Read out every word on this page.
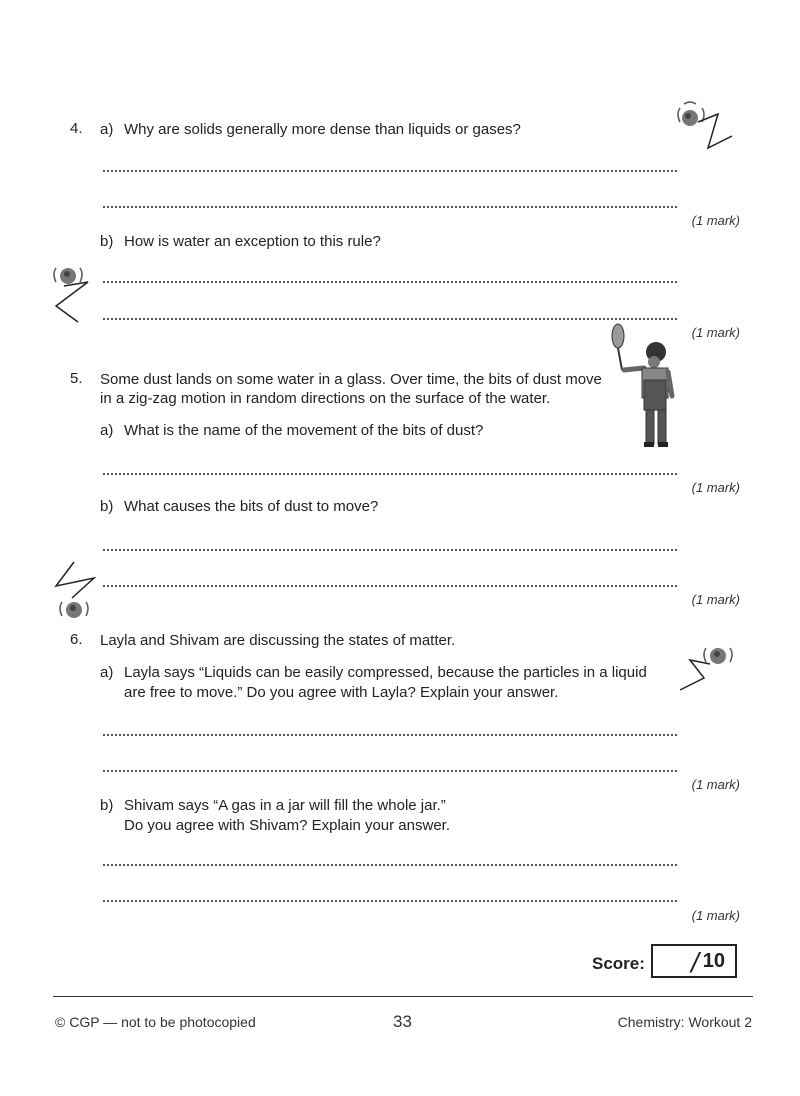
4. a) Why are solids generally more dense than liquids or gases?
(1 mark)
b) How is water an exception to this rule?
(1 mark)
5. Some dust lands on some water in a glass. Over time, the bits of dust move
in a zig-zag motion in random directions on the surface of the water.
a) What is the name of the movement of the bits of dust?
(1 mark)
b) What causes the bits of dust to move?
(1 mark)
6. Layla and Shivam are discussing the states of matter.
a) Layla says “Liquids can be easily compressed, because the particles in a liquid
are free to move.” Do you agree with Layla? Explain your answer.
(1 mark)
b) Shivam says “A gas in a jar will fill the whole jar.”
Do you agree with Shivam? Explain your answer.
(1 mark)
Score: / 10
© CGP — not to be photocopied	33	Chemistry: Workout 2
